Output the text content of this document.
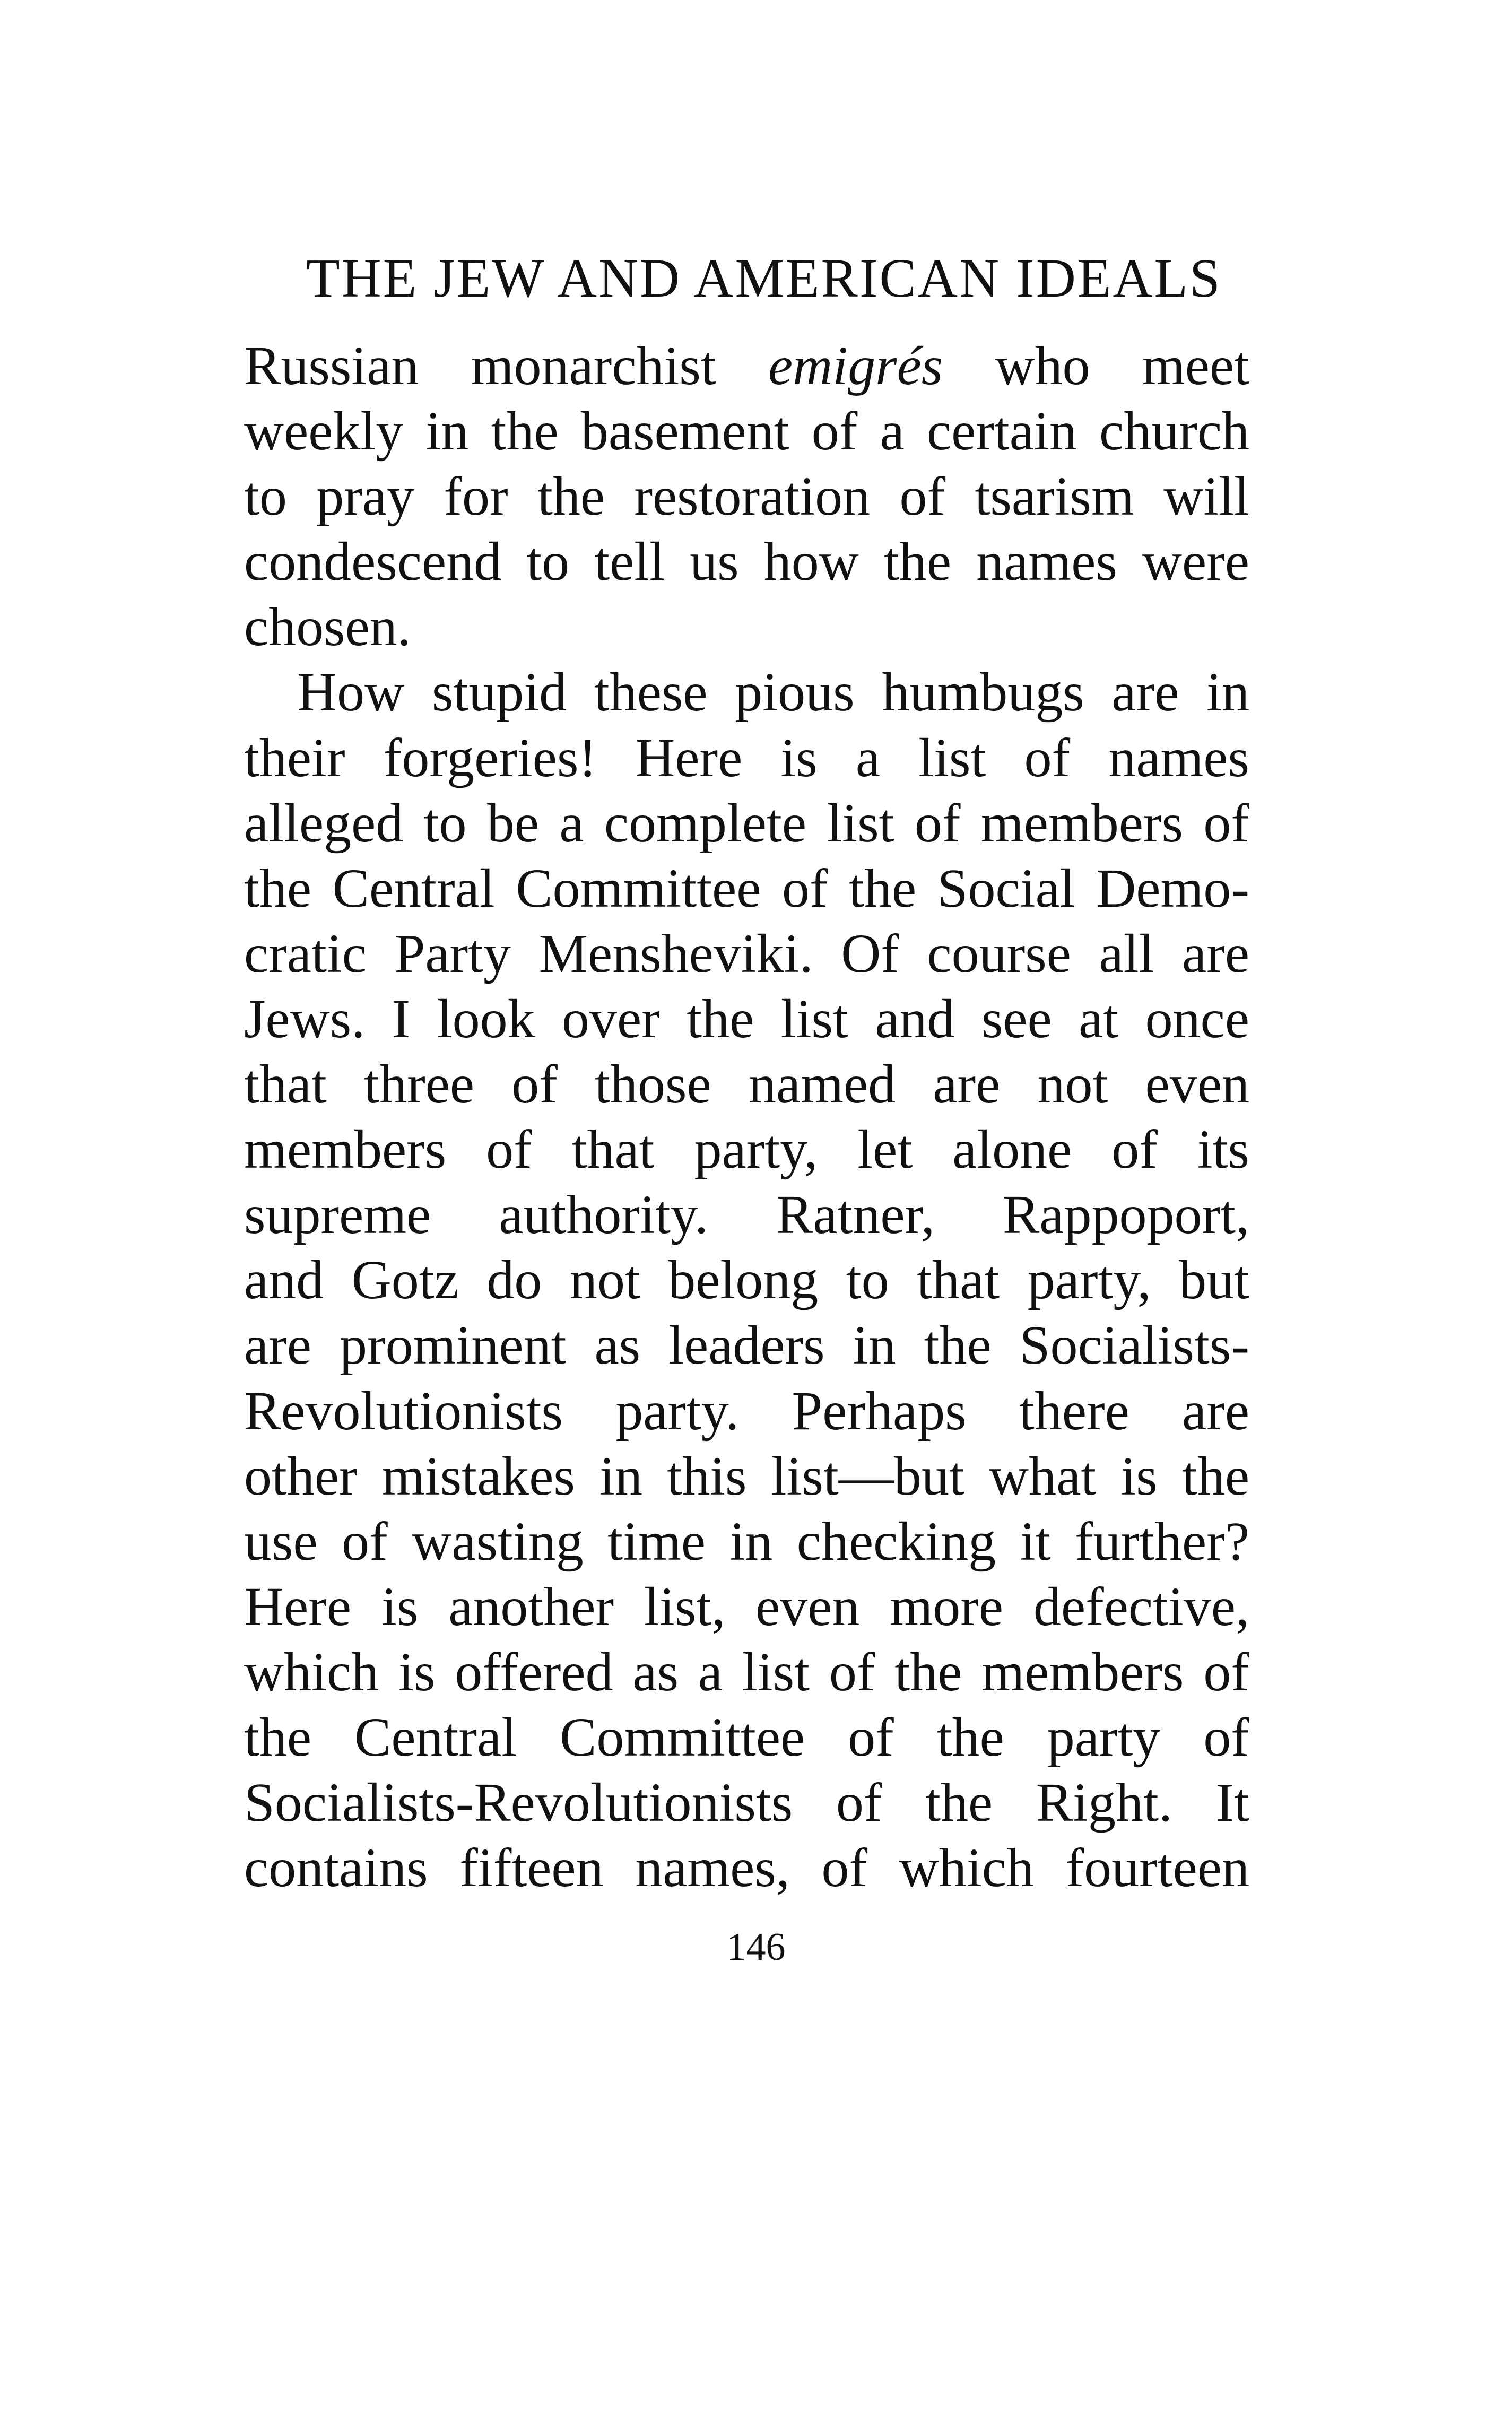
THE JEW AND AMERICAN IDEALS
Russian monarchist emigrés who meet
weekly in the basement of a certain church
to pray for the restoration of tsarism will
condescend to tell us how the names were
chosen.
How stupid these pious humbugs are in
their forgeries! Here is a list of names
alleged to be a complete list of members of
the Central Committee of the Social Demo-
cratic Party Mensheviki. Of course all are
Jews. I look over the list and see at once
that three of those named are not even
members of that party, let alone of its
supreme authority. Ratner, Rappoport,
and Gotz do not belong to that party, but
are prominent as leaders in the Socialists-
Revolutionists party. Perhaps there are
other mistakes in this list—but what is the
use of wasting time in checking it further?
Here is another list, even more defective,
which is offered as a list of the members of
the Central Committee of the party of
Socialists-Revolutionists of the Right. It
contains fifteen names, of which fourteen
146
